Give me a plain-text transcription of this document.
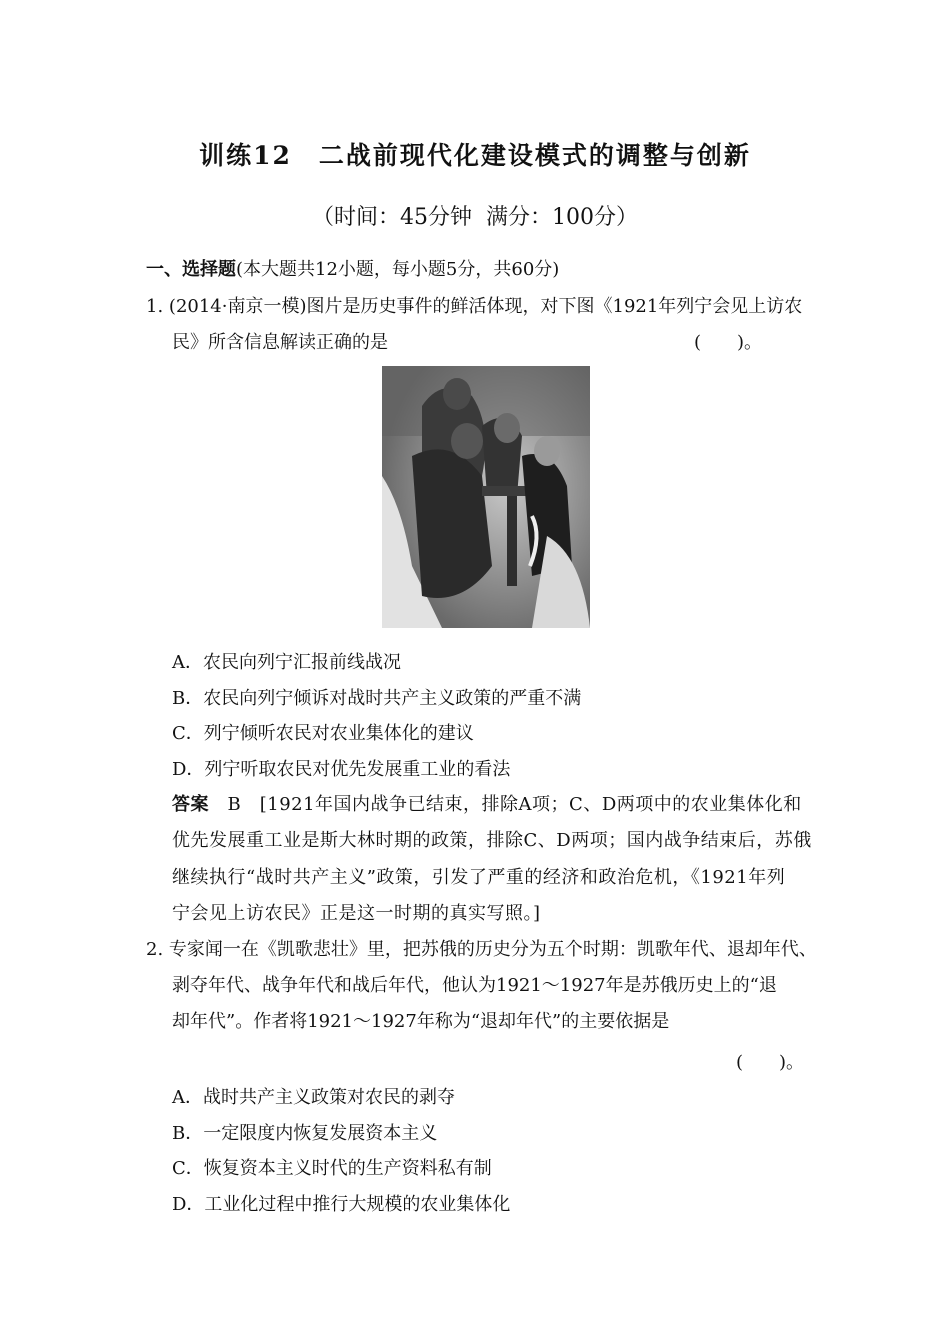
训练12　二战前现代化建设模式的调整与创新
（时间：45分钟  满分：100分）
一、选择题(本大题共12小题，每小题5分，共60分)
1. (2014·南京一模)图片是历史事件的鲜活体现，对下图《1921年列宁会见上访农
民》所含信息解读正确的是	(　　)。
A．农民向列宁汇报前线战况
B．农民向列宁倾诉对战时共产主义政策的严重不满
C．列宁倾听农民对农业集体化的建议
D．列宁听取农民对优先发展重工业的看法
答案　B　[1921年国内战争已结束，排除A项；C、D两项中的农业集体化和
优先发展重工业是斯大林时期的政策，排除C、D两项；国内战争结束后，苏俄
继续执行“战时共产主义”政策，引发了严重的经济和政治危机，《1921年列
宁会见上访农民》正是这一时期的真实写照。]
2. 专家闻一在《凯歌悲壮》里，把苏俄的历史分为五个时期：凯歌年代、退却年代、
剥夺年代、战争年代和战后年代，他认为1921～1927年是苏俄历史上的“退
却年代”。作者将1921～1927年称为“退却年代”的主要依据是
(　　)。
A．战时共产主义政策对农民的剥夺
B．一定限度内恢复发展资本主义
C．恢复资本主义时代的生产资料私有制
D．工业化过程中推行大规模的农业集体化
